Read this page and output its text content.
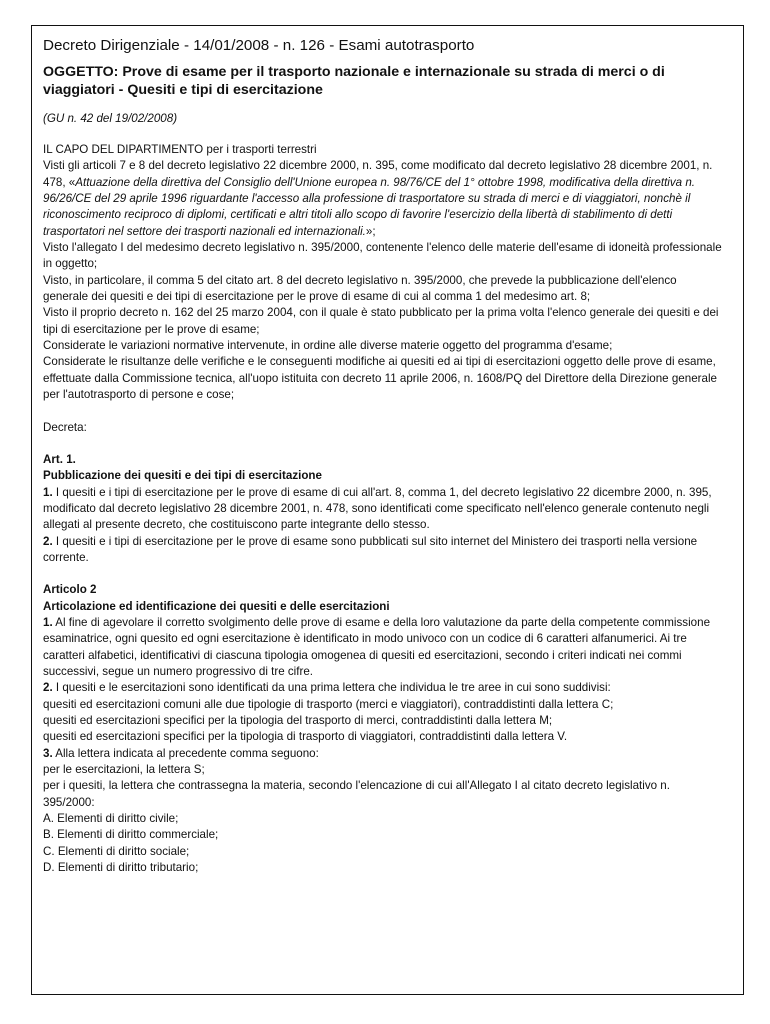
Decreto Dirigenziale - 14/01/2008 - n. 126 - Esami autotrasporto

OGGETTO: Prove di esame per il trasporto nazionale e internazionale su strada di merci o di viaggiatori - Quesiti e tipi di esercitazione

(GU n. 42 del 19/02/2008)

IL CAPO DEL DIPARTIMENTO per i trasporti terrestri

Visti gli articoli 7 e 8 del decreto legislativo 22 dicembre 2000, n. 395, come modificato dal decreto legislativo 28 dicembre 2001, n. 478, «Attuazione della direttiva del Consiglio dell'Unione europea n. 98/76/CE del 1° ottobre 1998, modificativa della direttiva n. 96/26/CE del 29 aprile 1996 riguardante l'accesso alla professione di trasportatore su strada di merci e di viaggiatori, nonchè il riconoscimento reciproco di diplomi, certificati e altri titoli allo scopo di favorire l'esercizio della libertà di stabilimento di detti trasportatori nel settore dei trasporti nazionali ed internazionali.»;

Visto l'allegato I del medesimo decreto legislativo n. 395/2000, contenente l'elenco delle materie dell'esame di idoneità professionale in oggetto;

Visto, in particolare, il comma 5 del citato art. 8 del decreto legislativo n. 395/2000, che prevede la pubblicazione dell'elenco generale dei quesiti e dei tipi di esercitazione per le prove di esame di cui al comma 1 del medesimo art. 8;

Visto il proprio decreto n. 162 del 25 marzo 2004, con il quale è stato pubblicato per la prima volta l'elenco generale dei quesiti e dei tipi di esercitazione per le prove di esame;

Considerate le variazioni normative intervenute, in ordine alle diverse materie oggetto del programma d'esame;

Considerate le risultanze delle verifiche e le conseguenti modifiche ai quesiti ed ai tipi di esercitazioni oggetto delle prove di esame, effettuate dalla Commissione tecnica, all'uopo istituita con decreto 11 aprile 2006, n. 1608/PQ del Direttore della Direzione generale per l'autotrasporto di persone e cose;

Decreta:

Art. 1.

Pubblicazione dei quesiti e dei tipi di esercitazione

1. I quesiti e i tipi di esercitazione per le prove di esame di cui all'art. 8, comma 1, del decreto legislativo 22 dicembre 2000, n. 395, modificato dal decreto legislativo 28 dicembre 2001, n. 478, sono identificati come specificato nell'elenco generale contenuto negli allegati al presente decreto, che costituiscono parte integrante dello stesso.

2. I quesiti e i tipi di esercitazione per le prove di esame sono pubblicati sul sito internet del Ministero dei trasporti nella versione corrente.

Articolo 2

Articolazione ed identificazione dei quesiti e delle esercitazioni

1. Al fine di agevolare il corretto svolgimento delle prove di esame e della loro valutazione da parte della competente commissione esaminatrice, ogni quesito ed ogni esercitazione è identificato in modo univoco con un codice di 6 caratteri alfanumerici. Ai tre caratteri alfabetici, identificativi di ciascuna tipologia omogenea di quesiti ed esercitazioni, secondo i criteri indicati nei commi successivi, segue un numero progressivo di tre cifre.

2. I quesiti e le esercitazioni sono identificati da una prima lettera che individua le tre aree in cui sono suddivisi:

quesiti ed esercitazioni comuni alle due tipologie di trasporto (merci e viaggiatori), contraddistinti dalla lettera C;

quesiti ed esercitazioni specifici per la tipologia del trasporto di merci, contraddistinti dalla lettera M;

quesiti ed esercitazioni specifici per la tipologia di trasporto di viaggiatori, contraddistinti dalla lettera V.

3. Alla lettera indicata al precedente comma seguono:

per le esercitazioni, la lettera S;

per i quesiti, la lettera che contrassegna la materia, secondo l'elencazione di cui all'Allegato I al citato decreto legislativo n. 395/2000:

A. Elementi di diritto civile;

B. Elementi di diritto commerciale;

C. Elementi di diritto sociale;

D. Elementi di diritto tributario;
